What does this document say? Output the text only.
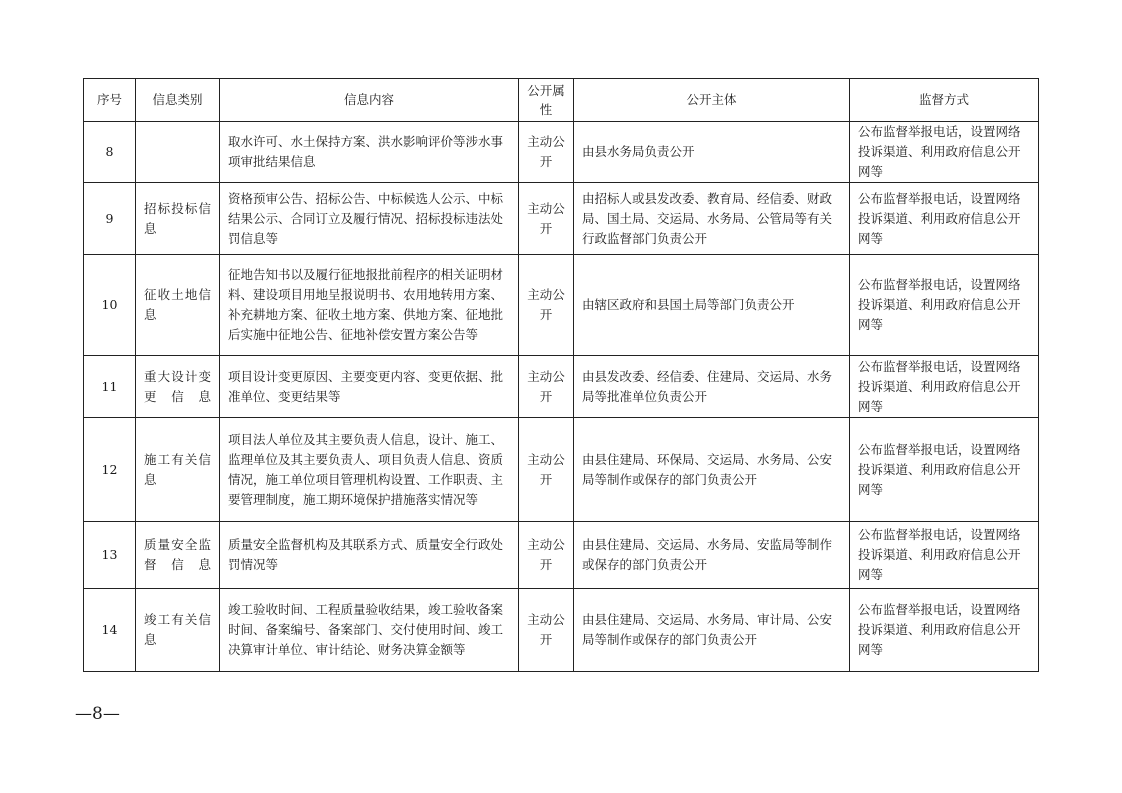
序号	信息类别	信息内容	公开属性	公开主体	监督方式
8		取水许可、水土保持方案、洪水影响评价等涉水事项审批结果信息	主动公开	由县水务局负责公开	公布监督举报电话，设置网络投诉渠道、利用政府信息公开网等
9	招标投标信息	资格预审公告、招标公告、中标候选人公示、中标结果公示、合同订立及履行情况、招标投标违法处罚信息等	主动公开	由招标人或县发改委、教育局、经信委、财政局、国土局、交运局、水务局、公管局等有关行政监督部门负责公开	公布监督举报电话，设置网络投诉渠道、利用政府信息公开网等
10	征收土地信息	征地告知书以及履行征地报批前程序的相关证明材料、建设项目用地呈报说明书、农用地转用方案、补充耕地方案、征收土地方案、供地方案、征地批后实施中征地公告、征地补偿安置方案公告等	主动公开	由辖区政府和县国土局等部门负责公开	公布监督举报电话，设置网络投诉渠道、利用政府信息公开网等
11	重大设计变更信息	项目设计变更原因、主要变更内容、变更依据、批准单位、变更结果等	主动公开	由县发改委、经信委、住建局、交运局、水务局等批准单位负责公开	公布监督举报电话，设置网络投诉渠道、利用政府信息公开网等
12	施工有关信息	项目法人单位及其主要负责人信息，设计、施工、监理单位及其主要负责人、项目负责人信息、资质情况，施工单位项目管理机构设置、工作职责、主要管理制度，施工期环境保护措施落实情况等	主动公开	由县住建局、环保局、交运局、水务局、公安局等制作或保存的部门负责公开	公布监督举报电话，设置网络投诉渠道、利用政府信息公开网等
13	质量安全监督信息	质量安全监督机构及其联系方式、质量安全行政处罚情况等	主动公开	由县住建局、交运局、水务局、安监局等制作或保存的部门负责公开	公布监督举报电话，设置网络投诉渠道、利用政府信息公开网等
14	竣工有关信息	竣工验收时间、工程质量验收结果，竣工验收备案时间、备案编号、备案部门、交付使用时间、竣工决算审计单位、审计结论、财务决算金额等	主动公开	由县住建局、交运局、水务局、审计局、公安局等制作或保存的部门负责公开	公布监督举报电话，设置网络投诉渠道、利用政府信息公开网等
—8—
